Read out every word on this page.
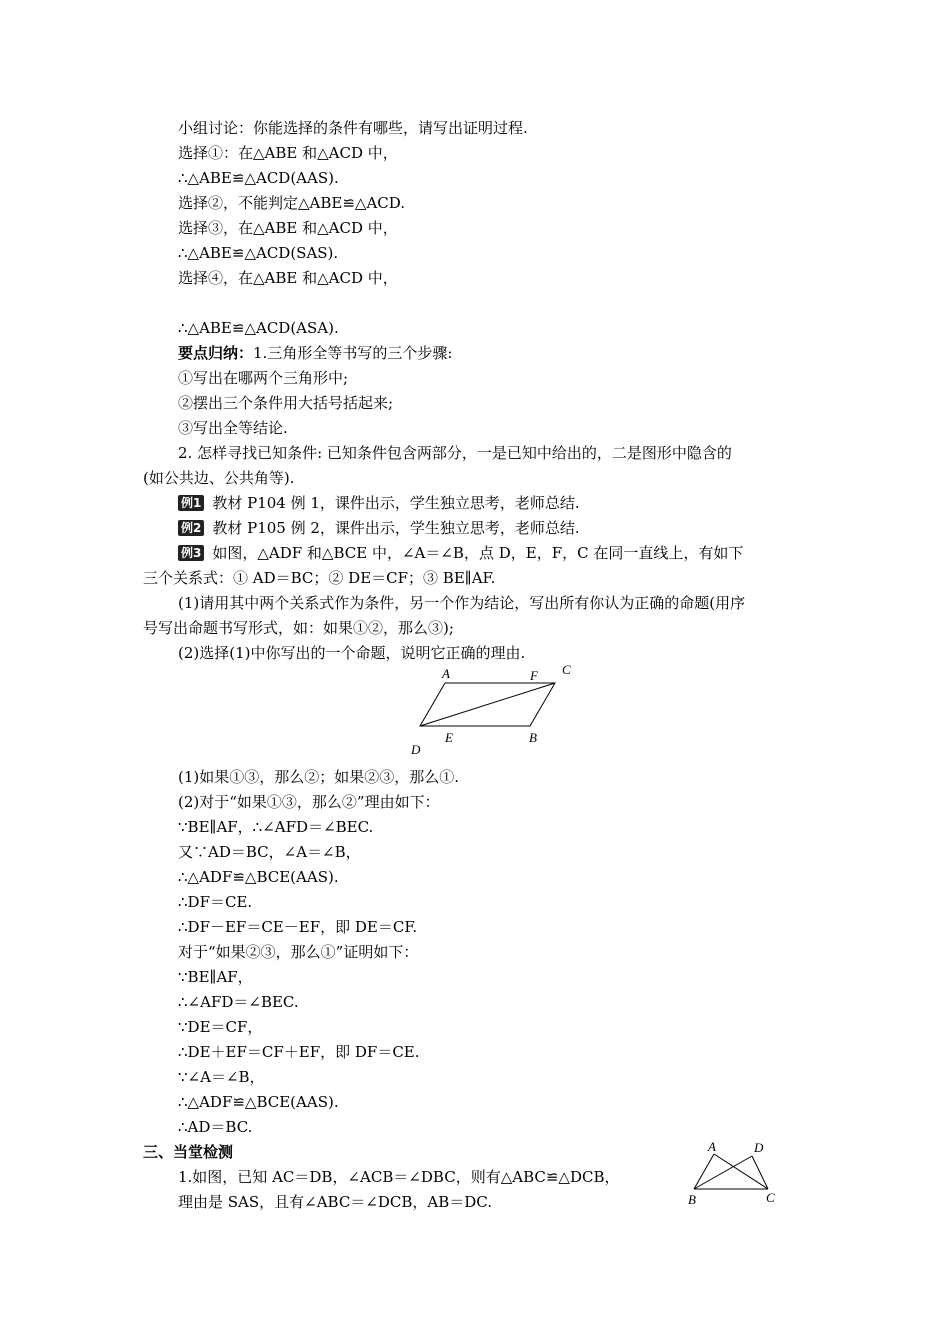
小组讨论：你能选择的条件有哪些，请写出证明过程.
选择①：在△ABE 和△ACD 中，
∴△ABE≌△ACD(AAS).
选择②，不能判定△ABE≌△ACD.
选择③，在△ABE 和△ACD 中，
∴△ABE≌△ACD(SAS).
选择④，在△ABE 和△ACD 中，
∴△ABE≌△ACD(ASA).
要点归纳：1.三角形全等书写的三个步骤:
①写出在哪两个三角形中;
②摆出三个条件用大括号括起来;
③写出全等结论.
2. 怎样寻找已知条件: 已知条件包含两部分，一是已知中给出的，二是图形中隐含的
(如公共边、公共角等).
例1 教材 P104 例 1，课件出示，学生独立思考，老师总结.
例2 教材 P105 例 2，课件出示，学生独立思考，老师总结.
例3 如图，△ADF 和△BCE 中，∠A＝∠B，点 D，E，F，C 在同一直线上，有如下
三个关系式：① AD＝BC；② DE＝CF；③ BE∥AF.
(1)请用其中两个关系式作为条件，另一个作为结论，写出所有你认为正确的命题(用序
号写出命题书写形式，如：如果①②，那么③);
(2)选择(1)中你写出的一个命题，说明它正确的理由.
A	F C
D
E	B
(1)如果①③，那么②；如果②③，那么①.
(2)对于“如果①③，那么②”理由如下：
∵BE∥AF，∴∠AFD＝∠BEC.
又∵AD＝BC，∠A＝∠B，
∴△ADF≌△BCE(AAS).
∴DF＝CE.
∴DF－EF＝CE－EF，即 DE＝CF.
对于“如果②③，那么①”证明如下：
∵BE∥AF，
∴∠AFD＝∠BEC.
∵DE＝CF，
∴DE＋EF＝CF＋EF，即 DF＝CE.
∵∠A＝∠B，
∴△ADF≌△BCE(AAS).
∴AD＝BC.
三、当堂检测
1.如图，已知 AC＝DB，∠ACB＝∠DBC，则有△ABC≌△DCB，
理由是 SAS，且有∠ABC＝∠DCB，AB＝DC.
A	D
B	C
